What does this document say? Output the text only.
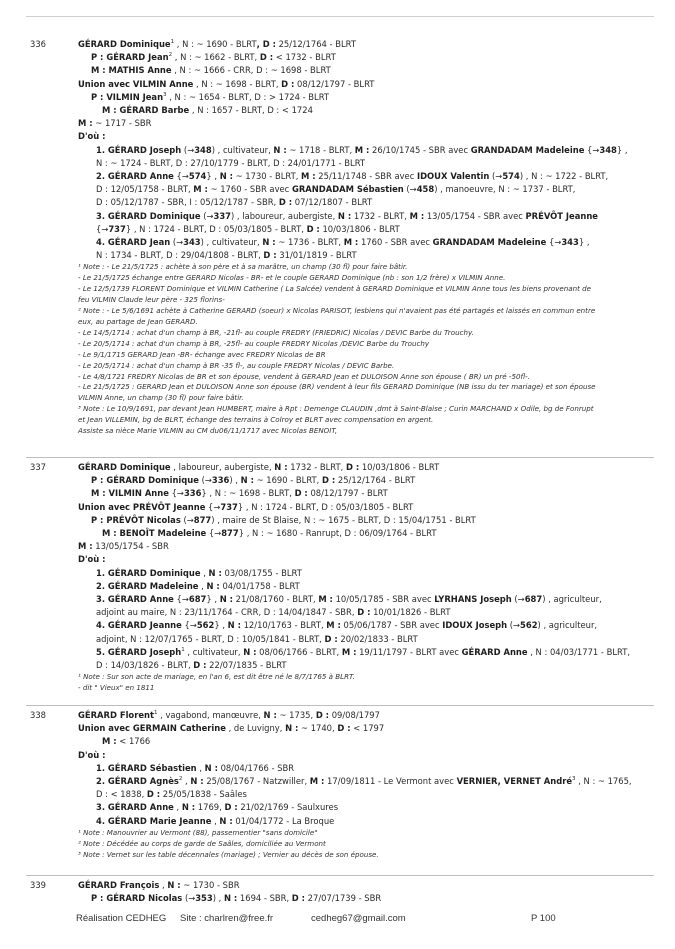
336	GÉRARD Dominique$^1$ , N : ~ 1690 - BLRT, D : 25/12/1764 - BLRT
P : GÉRARD Jean$^2$ , N : ~ 1662 - BLRT, D : < 1732 - BLRT
M : MATHIS Anne , N : ~ 1666 - CRR, D : ~ 1698 - BLRT
Union avec VILMIN Anne , N : ~ 1698 - BLRT, D : 08/12/1797 - BLRT
P : VILMIN Jean$^3$ , N : ~ 1654 - BLRT, D : > 1724 - BLRT
M : GÉRARD Barbe , N : 1657 - BLRT, D : < 1724
M : ~ 1717 - SBR
D'où :
1. GÉRARD Joseph (→348) , cultivateur, N : ~ 1718 - BLRT, M : 26/10/1745 - SBR avec GRANDADAM Madeleine {→348} ,
N : ~ 1724 - BLRT, D : 27/10/1779 - BLRT, D : 24/01/1771 - BLRT
2. GÉRARD Anne {→574} , N : ~ 1730 - BLRT, M : 25/11/1748 - SBR avec IDOUX Valentin (→574) , N : ~ 1722 - BLRT,
D : 12/05/1758 - BLRT, M : ~ 1760 - SBR avec GRANDADAM Sébastien (→458) , manoeuvre, N : ~ 1737 - BLRT,
D : 05/12/1787 - SBR, I : 05/12/1787 - SBR, D : 07/12/1807 - BLRT
3. GÉRARD Dominique (→337) , laboureur, aubergiste, N : 1732 - BLRT, M : 13/05/1754 - SBR avec PRÉVÔT Jeanne
{→737} , N : 1724 - BLRT, D : 05/03/1805 - BLRT, D : 10/03/1806 - BLRT
4. GÉRARD Jean (→343) , cultivateur, N : ~ 1736 - BLRT, M : 1760 - SBR avec GRANDADAM Madeleine {→343} ,
N : 1734 - BLRT, D : 29/04/1808 - BLRT, D : 31/01/1819 - BLRT
¹ Note : - Le 21/5/1725 : achète à son père et à sa marâtre, un champ (30 fl) pour faire bâtir.
- Le 21/5/1725 échange entre GERARD Nicolas - BR- et le couple GERARD Dominique (nb : son 1/2 frère) x VILMIN Anne.
- Le 12/5/1739 FLORENT Dominique et VILMIN Catherine ( La Salcée) vendent à GERARD Dominique et VILMIN Anne tous les biens provenant de
feu VILMIN Claude leur père - 325 florins-
² Note : - Le 5/6/1691 achète à Catherine GERARD (soeur) x Nicolas PARISOT, lesbiens qui n'avaient pas été partagés et laissés en commun entre
eux, au partage de Jean GERARD.
- Le 14/5/1714 : achat d'un champ à BR, -21fl- au couple FREDRY (FRIEDRIC) Nicolas / DEVIC Barbe du Trouchy.
- Le 20/5/1714 : achat d'un champ à BR, -25fl- au couple FREDRY Nicolas /DEVIC Barbe du Trouchy
- Le 9/1/1715 GERARD Jean -BR- échange avec FREDRY Nicolas de BR
- Le 20/5/1714 : achat d'un champ à BR -35 fl-, au couple FREDRY Nicolas / DEVIC Barbe.
- Le 4/8/1721 FREDRY Nicolas de BR et son épouse, vendent à GERARD Jean et DULOISON Anne son épouse ( BR) un pré -50fl-.
- Le 21/5/1725 : GERARD Jean et DULOISON Anne son épouse (BR) vendent à leur fils GERARD Dominique (NB issu du ter mariage) et son épouse
VILMIN Anne, un champ (30 fl) pour faire bâtir.
³ Note : Le 10/9/1691, par devant Jean HUMBERT, maire à Rpt : Demenge CLAUDIN ,dmt à Saint-Blaise ; Curin MARCHAND x Odile, bg de Fonrupt
et Jean VILLEMIN, bg de BLRT, échange des terrains à Colroy et BLRT avec compensation en argent.
Assiste sa nièce Marie VILMIN au CM du06/11/1717 avec Nicolas BENOIT,
337	GÉRARD Dominique , laboureur, aubergiste, N : 1732 - BLRT, D : 10/03/1806 - BLRT
P : GÉRARD Dominique (→336) , N : ~ 1690 - BLRT, D : 25/12/1764 - BLRT
M : VILMIN Anne {→336} , N : ~ 1698 - BLRT, D : 08/12/1797 - BLRT
Union avec PRÉVÔT Jeanne {→737} , N : 1724 - BLRT, D : 05/03/1805 - BLRT
P : PRÉVÔT Nicolas (→877) , maire de St Blaise, N : ~ 1675 - BLRT, D : 15/04/1751 - BLRT
M : BENOÎT Madeleine {→877} , N : ~ 1680 - Ranrupt, D : 06/09/1764 - BLRT
M : 13/05/1754 - SBR
D'où :
1. GÉRARD Dominique , N : 03/08/1755 - BLRT
2. GÉRARD Madeleine , N : 04/01/1758 - BLRT
3. GÉRARD Anne {→687} , N : 21/08/1760 - BLRT, M : 10/05/1785 - SBR avec LYRHANS Joseph (→687) , agriculteur,
adjoint au maire, N : 23/11/1764 - CRR, D : 14/04/1847 - SBR, D : 10/01/1826 - BLRT
4. GÉRARD Jeanne {→562} , N : 12/10/1763 - BLRT, M : 05/06/1787 - SBR avec IDOUX Joseph (→562) , agriculteur,
adjoint, N : 12/07/1765 - BLRT, D : 10/05/1841 - BLRT, D : 20/02/1833 - BLRT
5. GÉRARD Joseph$^1$ , cultivateur, N : 08/06/1766 - BLRT, M : 19/11/1797 - BLRT avec GÉRARD Anne , N : 04/03/1771 - BLRT,
D : 14/03/1826 - BLRT, D : 22/07/1835 - BLRT
¹ Note : Sur son acte de mariage, en l'an 6, est dit être né le 8/7/1765 à BLRT.
- dit " Vieux" en 1811
338	GÉRARD Florent$^1$ , vagabond, manœuvre, N : ~ 1735, D : 09/08/1797
Union avec GERMAIN Catherine , de Luvigny, N : ~ 1740, D : < 1797
M : < 1766
D'où :
1. GÉRARD Sébastien , N : 08/04/1766 - SBR
2. GÉRARD Agnès$^2$ , N : 25/08/1767 - Natzwiller, M : 17/09/1811 - Le Vermont avec VERNIER, VERNET André$^3$ , N : ~ 1765,
D : < 1838, D : 25/05/1838 - Saâles
3. GÉRARD Anne , N : 1769, D : 21/02/1769 - Saulxures
4. GÉRARD Marie Jeanne , N : 01/04/1772 - La Broque
¹ Note : Manouvrier au Vermont (88), passementier "sans domicile"
² Note : Décédée au corps de garde de Saâles, domiciliée au Vermont
³ Note : Vernet sur les table décennales (mariage) ; Vernier au décès de son épouse.
339	GÉRARD François , N : ~ 1730 - SBR
P : GÉRARD Nicolas (→353) , N : 1694 - SBR, D : 27/07/1739 - SBR
Réalisation CEDHEG Site : charlren@free.fr	cedheg67@gmail.com	P 100
